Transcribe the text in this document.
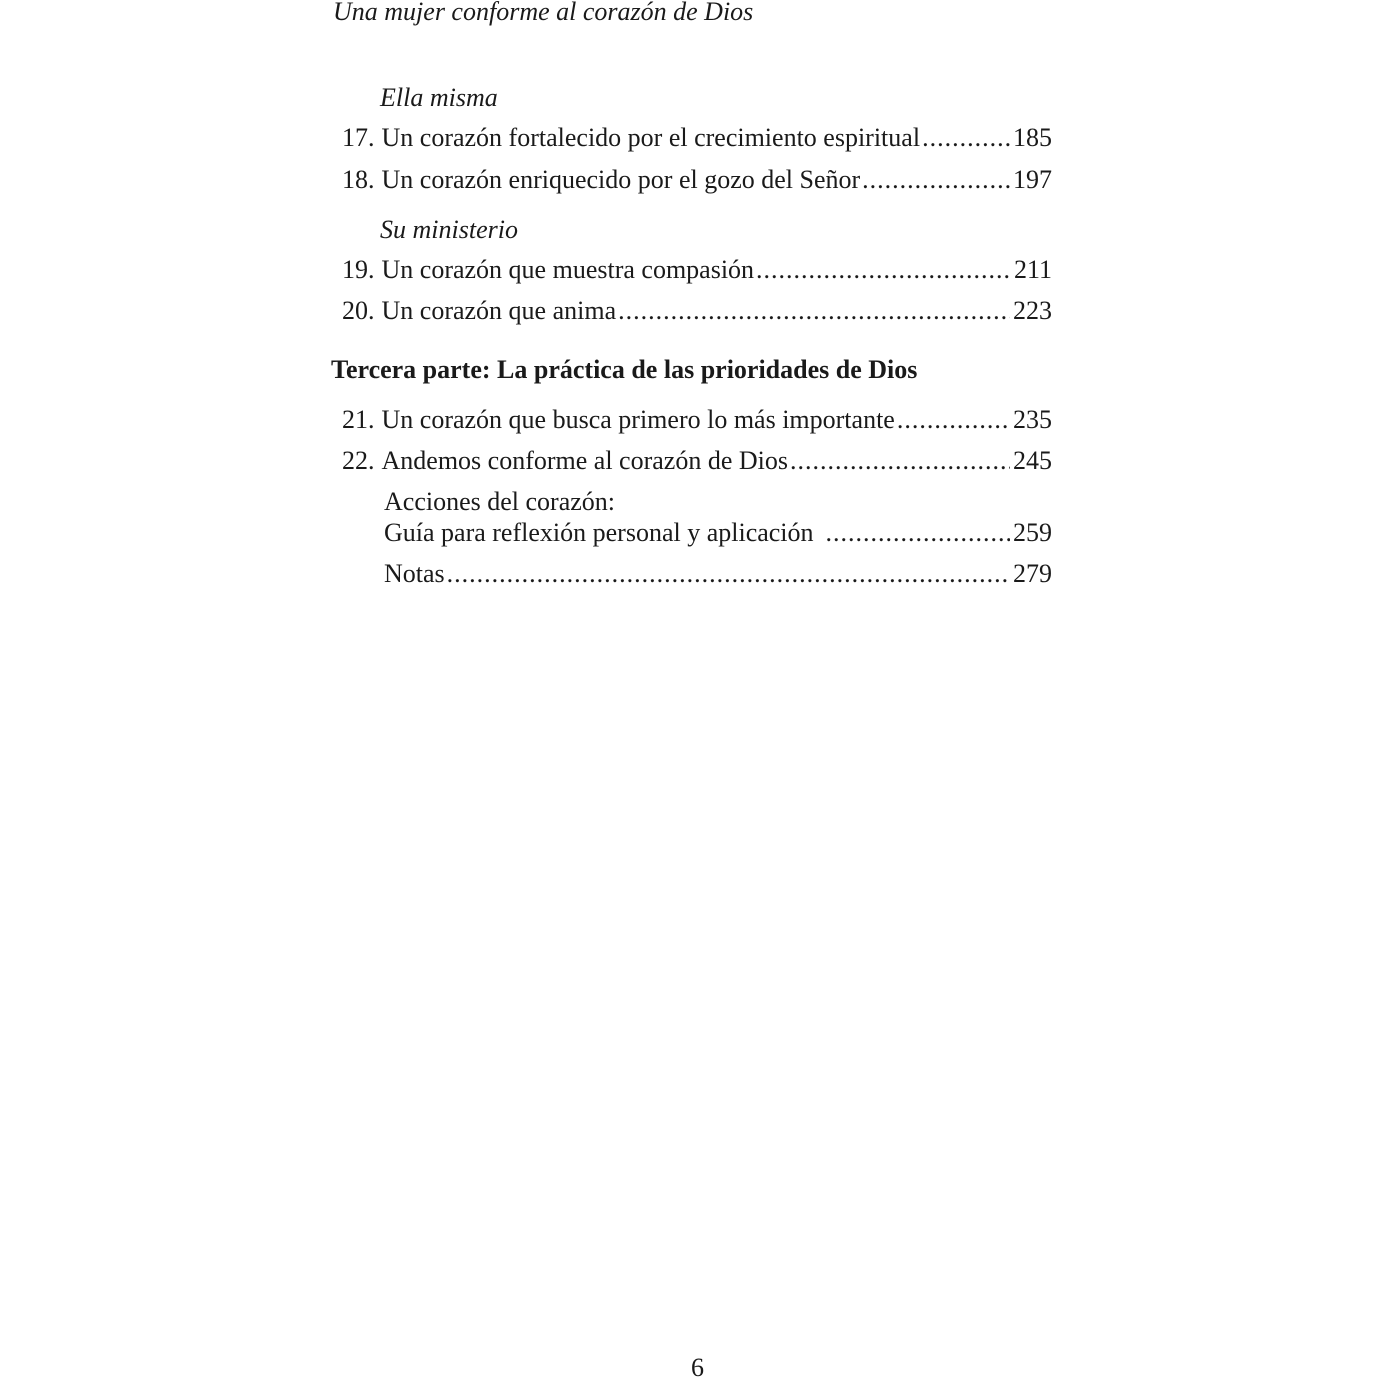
Una mujer conforme al corazón de Dios
Ella misma
17. Un corazón fortalecido por el crecimiento espiritual .....	185
18. Un corazón enriquecido por el gozo del Señor .....	197
Su ministerio
19. Un corazón que muestra compasión .....	211
20. Un corazón que anima .....	223
Tercera parte: La práctica de las prioridades de Dios
21. Un corazón que busca primero lo más importante .....	235
22. Andemos conforme al corazón de Dios .....	245
Acciones del corazón:
Guía para reflexión personal y aplicación .....	259
Notas .....	279
6
